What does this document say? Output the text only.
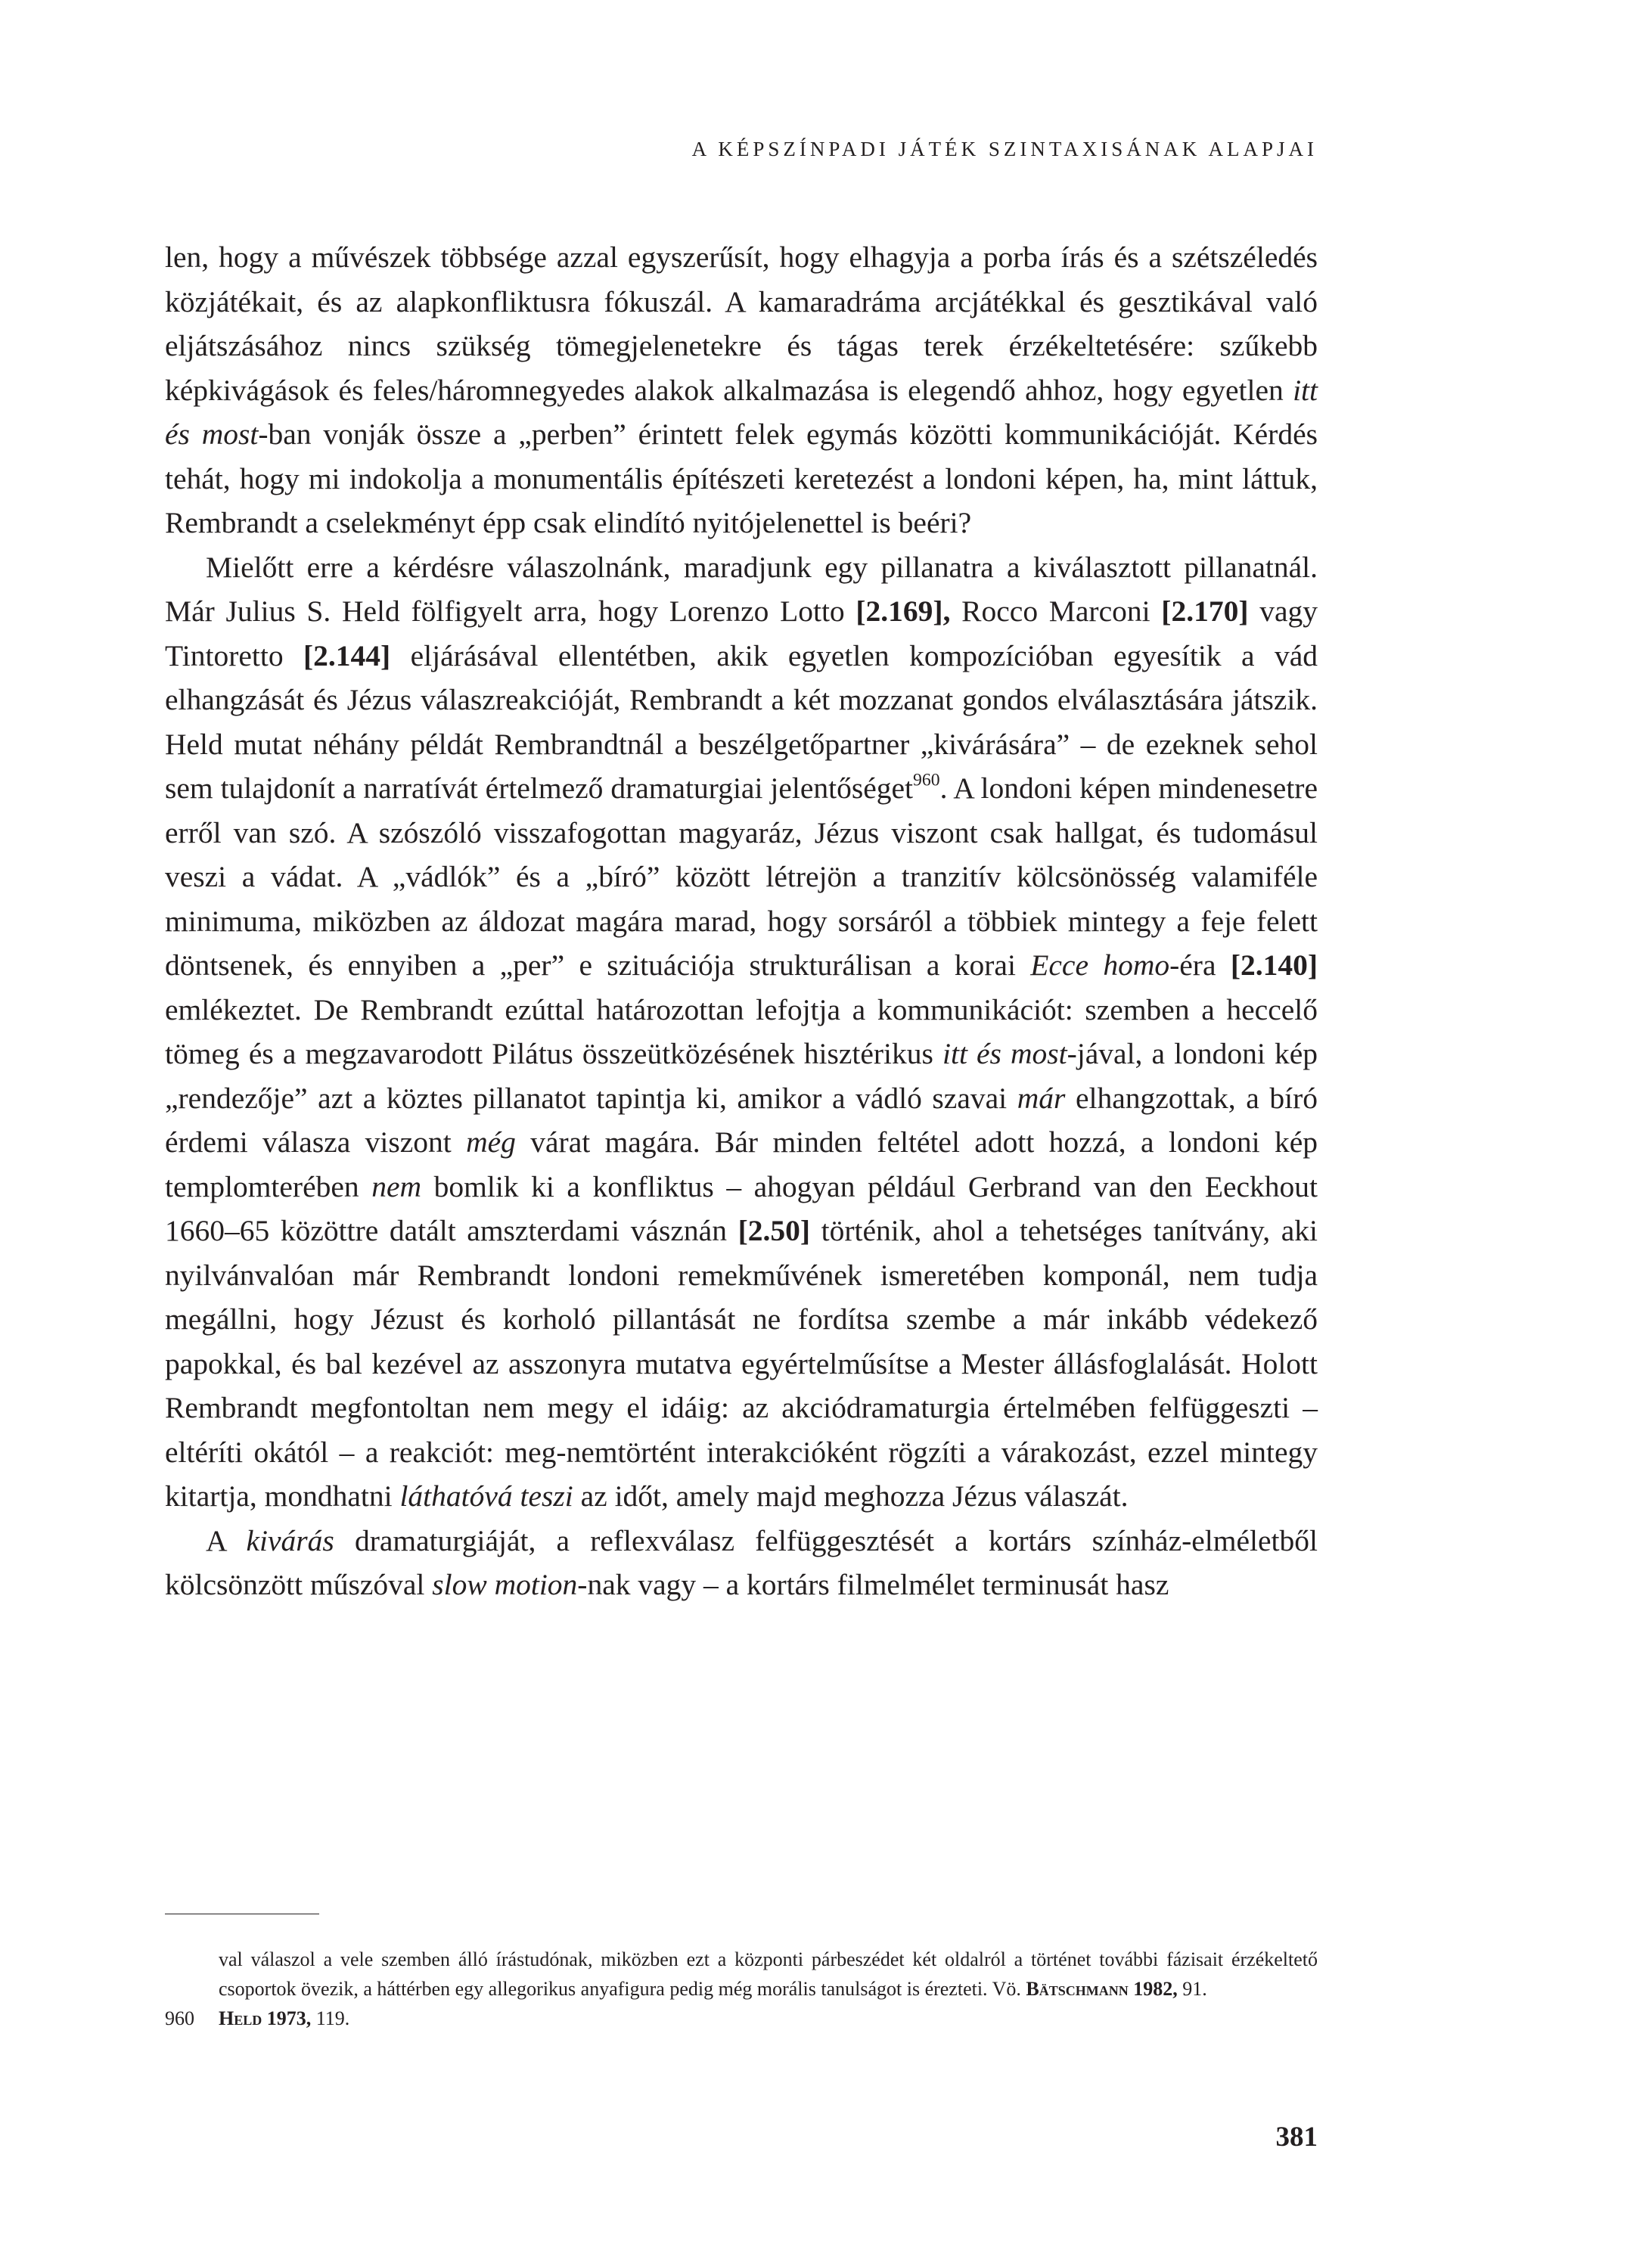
A KÉPSZÍNPADI JÁTÉK SZINTAXISÁNAK ALAPJAI

len, hogy a művészek többsége azzal egyszerűsít, hogy elhagyja a porba írás és a szétszéledés közjátékait, és az alapkonfliktusra fókuszál. A kamaradráma arcjátékkal és gesztikával való eljátszásához nincs szükség tömegjelenetekre és tágas terek érzékeltetésére: szűkebb képkivágások és feles/háromnegyedes alakok alkalmazása is elegendő ahhoz, hogy egyetlen itt és most-ban vonják össze a „perben” érintett felek egymás közötti kommunikációját. Kérdés tehát, hogy mi indokolja a monumentális építészeti keretezést a londoni képen, ha, mint láttuk, Rembrandt a cselekményt épp csak elindító nyitójelenettel is beéri?

Mielőtt erre a kérdésre válaszolnánk, maradjunk egy pillanatra a kiválasztott pillanatnál. Már Julius S. Held fölfigyelt arra, hogy Lorenzo Lotto [2.169], Rocco Marconi [2.170] vagy Tintoretto [2.144] eljárásával ellentétben, akik egyetlen kompozícióban egyesítik a vád elhangzását és Jézus válaszreakcióját, Rembrandt a két mozzanat gondos elválasztására játszik. Held mutat néhány példát Rembrandtnál a beszélgetőpartner „kivárására” – de ezeknek sehol sem tulajdonít a narratívát értelmező dramaturgiai jelentőséget$^{960}$. A londoni képen mindenesetre erről van szó. A szószóló visszafogottan magyaráz, Jézus viszont csak hallgat, és tudomásul veszi a vádat. A „vádlók” és a „bíró” között létrejön a tranzitív kölcsönösség valamiféle minimuma, miközben az áldozat magára marad, hogy sorsáról a többiek mintegy a feje felett döntsenek, és ennyiben a „per” e szituációja strukturálisan a korai Ecce homo-éra [2.140] emlékeztet. De Rembrandt ezúttal határozottan lefojtja a kommunikációt: szemben a heccelő tömeg és a megzavarodott Pilátus összeütközésének hisztérikus itt és most-jával, a londoni kép „rendezője” azt a köztes pillanatot tapintja ki, amikor a vádló szavai már elhangzottak, a bíró érdemi válasza viszont még várat magára. Bár minden feltétel adott hozzá, a londoni kép templomterében nem bomlik ki a konfliktus – ahogyan például Gerbrand van den Eeckhout 1660–65 közöttre datált amszterdami vásznán [2.50] történik, ahol a tehetséges tanítvány, aki nyilvánvalóan már Rembrandt londoni remekművének ismeretében komponál, nem tudja megállni, hogy Jézust és korholó pillantását ne fordítsa szembe a már inkább védekező papokkal, és bal kezével az asszonyra mutatva egyértelműsítse a Mester állásfoglalását. Holott Rembrandt megfontoltan nem megy el idáig: az akciódramaturgia értelmében felfüggeszti – eltéríti okától – a reakciót: meg-nemtörtént interakcióként rögzíti a várakozást, ezzel mintegy kitartja, mondhatni láthatóvá teszi az időt, amely majd meghozza Jézus válaszát.

A kivárás dramaturgiáját, a reflexválasz felfüggesztését a kortárs színház-elméletből kölcsönzött műszóval slow motion-nak vagy – a kortárs filmelmélet terminusát hasz

val válaszol a vele szemben álló írástudónak, miközben ezt a központi párbeszédet két oldalról a történet további fázisait érzékeltető csoportok övezik, a háttérben egy allegorikus anyafigura pedig még morális tanulságot is érezteti. Vö. Bätschmann 1982, 91.

960	Held 1973, 119.
381
